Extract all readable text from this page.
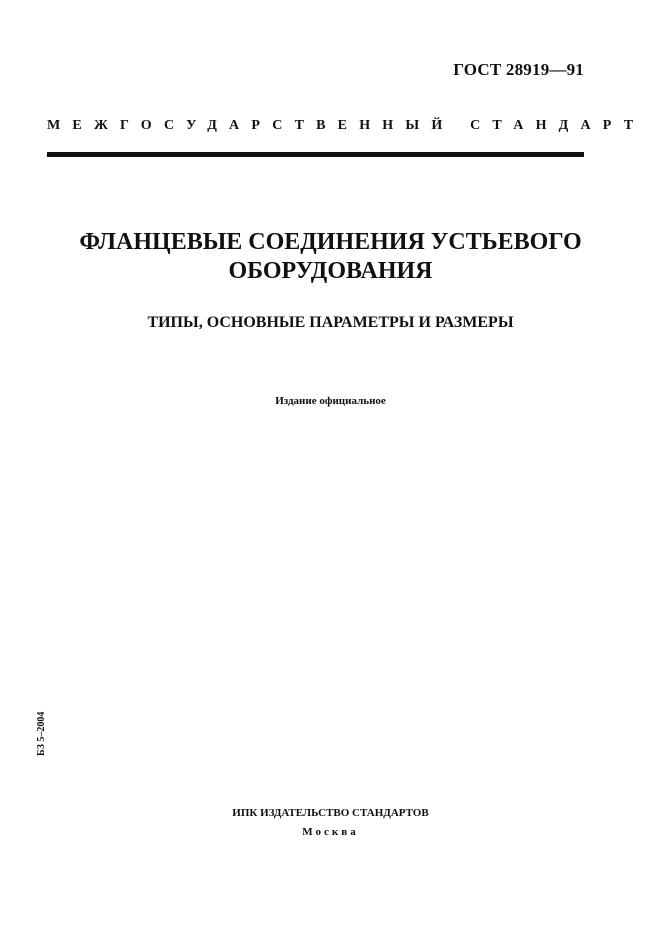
ГОСТ 28919—91
МЕЖГОСУДАРСТВЕННЫЙ СТАНДАРТ
ФЛАНЦЕВЫЕ СОЕДИНЕНИЯ УСТЬЕВОГО
ОБОРУДОВАНИЯ
ТИПЫ, ОСНОВНЫЕ ПАРАМЕТРЫ И РАЗМЕРЫ
Издание официальное
БЗ 5–2004
ИПК ИЗДАТЕЛЬСТВО СТАНДАРТОВ
Москва
